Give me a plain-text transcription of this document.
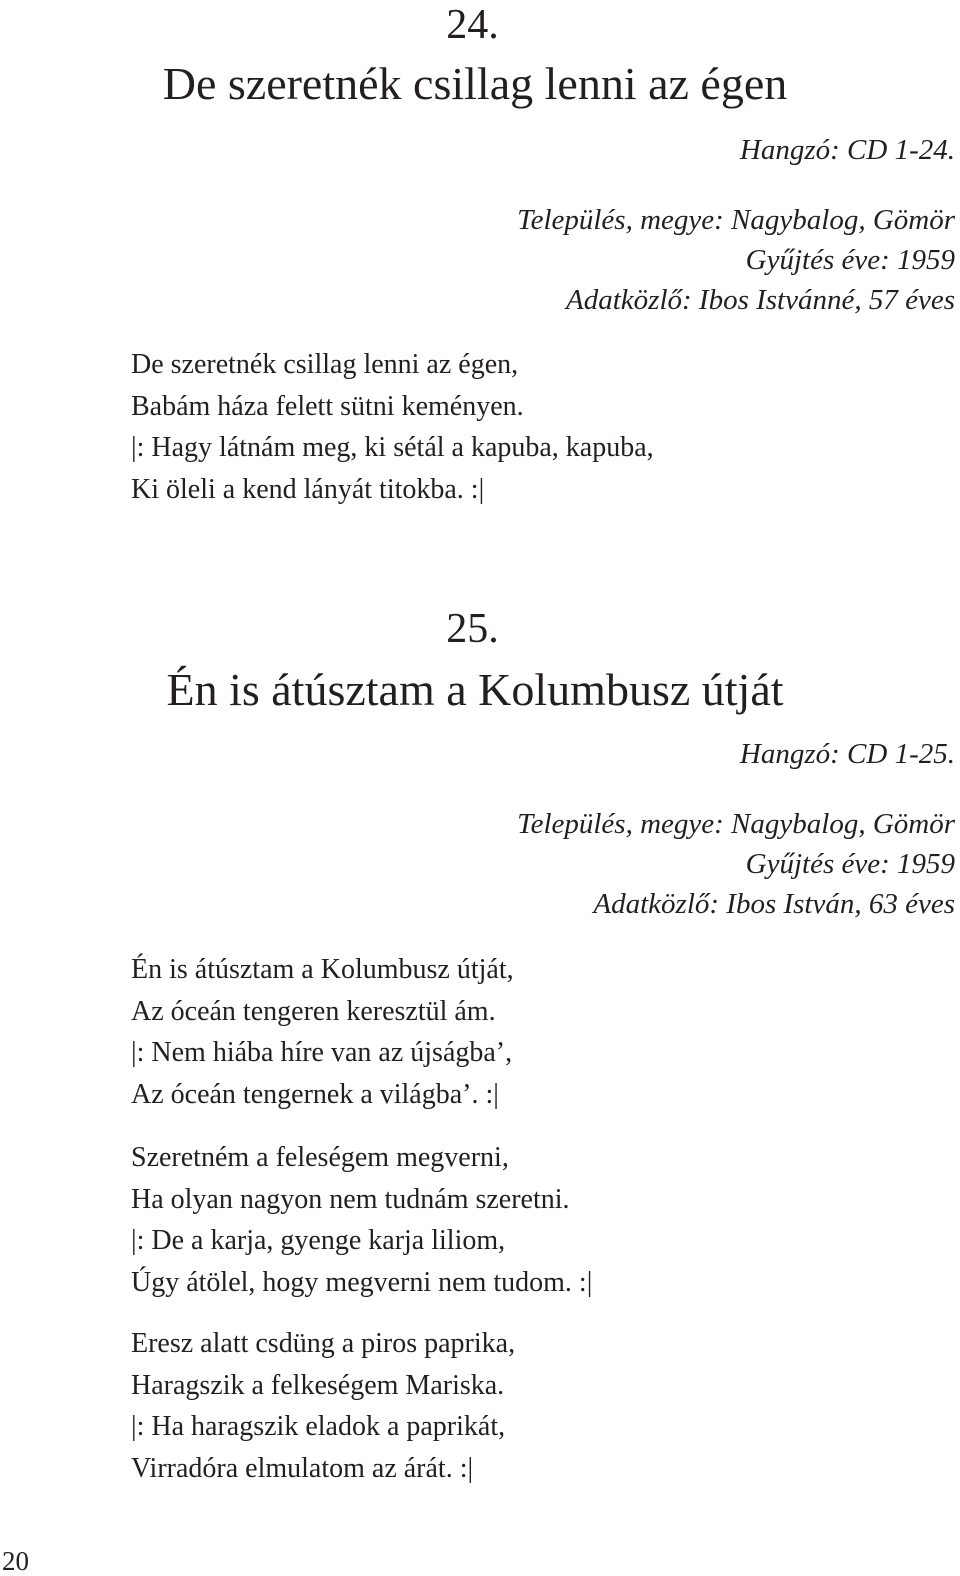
24.
De szeretnék csillag lenni az égen
Hangzó: CD 1-24.
Település, megye: Nagybalog, Gömör
Gyűjtés éve: 1959
Adatközlő: Ibos Istvánné, 57 éves
De szeretnék csillag lenni az égen,
Babám háza felett sütni keményen.
|: Hagy látnám meg, ki sétál a kapuba, kapuba,
Ki öleli a kend lányát titokba. :|
25.
Én is átúsztam a Kolumbusz útját
Hangzó: CD 1-25.
Település, megye: Nagybalog, Gömör
Gyűjtés éve: 1959
Adatközlő: Ibos István, 63 éves
Én is átúsztam a Kolumbusz útját,
Az óceán tengeren keresztül ám.
|: Nem hiába híre van az újságba’,
Az óceán tengernek a világba’. :|
Szeretném a feleségem megverni,
Ha olyan nagyon nem tudnám szeretni.
|: De a karja, gyenge karja liliom,
Úgy átölel, hogy megverni nem tudom. :|
Eresz alatt csdüng a piros paprika,
Haragszik a felkeségem Mariska.
|: Ha haragszik eladok a paprikát,
Virradóra elmulatom az árát. :|
20
